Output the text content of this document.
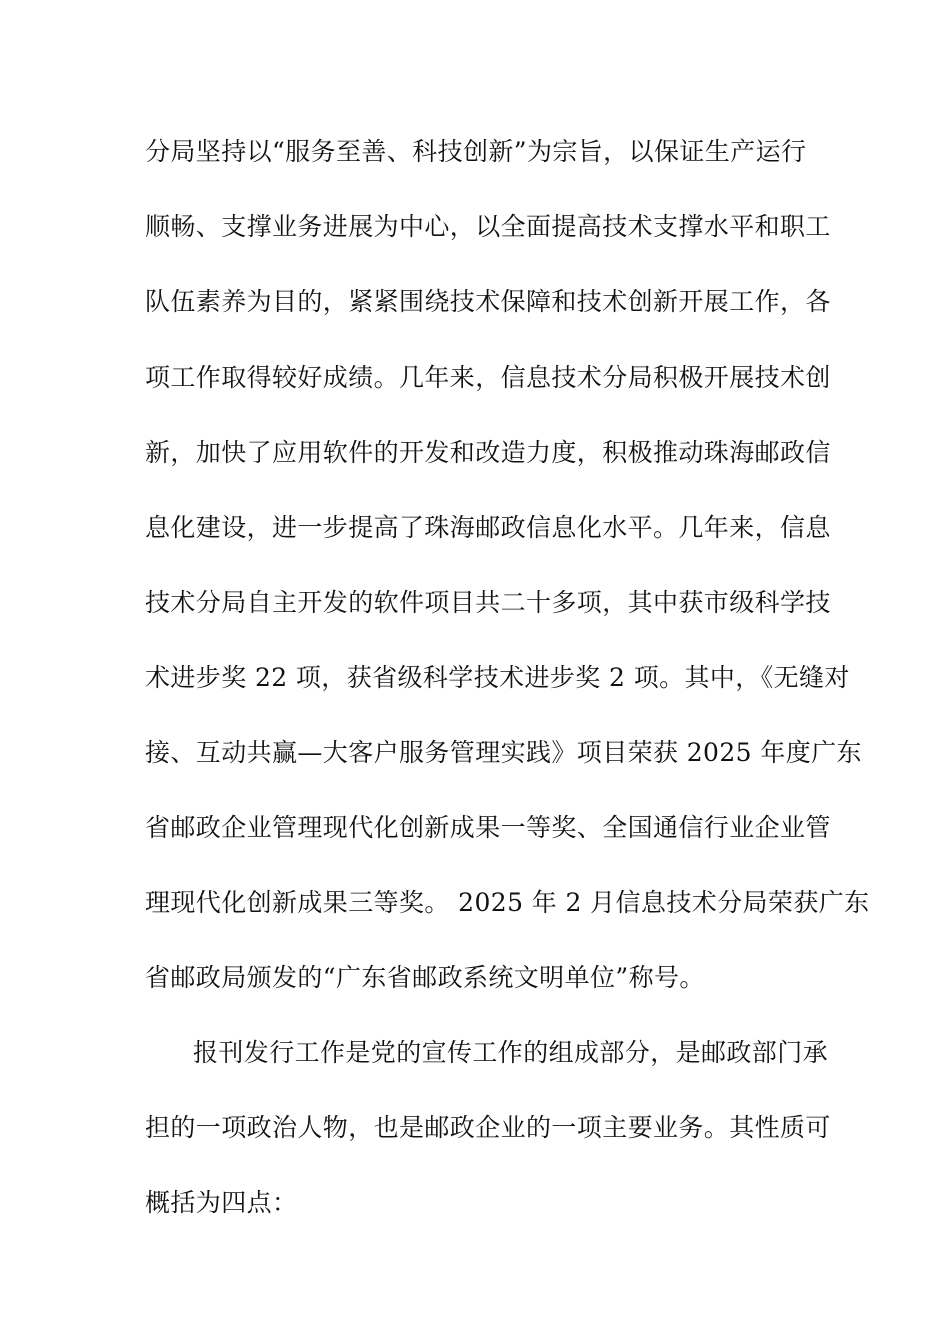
分局坚持以“服务至善、科技创新”为宗旨，以保证生产运行
顺畅、支撑业务进展为中心，以全面提高技术支撑水平和职工
队伍素养为目的，紧紧围绕技术保障和技术创新开展工作，各
项工作取得较好成绩。几年来，信息技术分局积极开展技术创
新，加快了应用软件的开发和改造力度，积极推动珠海邮政信
息化建设，进一步提高了珠海邮政信息化水平。几年来，信息
技术分局自主开发的软件项目共二十多项，其中获市级科学技
术进步奖 22 项，获省级科学技术进步奖 2 项。其中，《无缝对
接、互动共赢—大客户服务管理实践》项目荣获 2025 年度广东
省邮政企业管理现代化创新成果一等奖、全国通信行业企业管
理现代化创新成果三等奖。 2025 年 2 月信息技术分局荣获广东
省邮政局颁发的“广东省邮政系统文明单位”称号。
报刊发行工作是党的宣传工作的组成部分，是邮政部门承
担的一项政治人物，也是邮政企业的一项主要业务。其性质可
概括为四点：
